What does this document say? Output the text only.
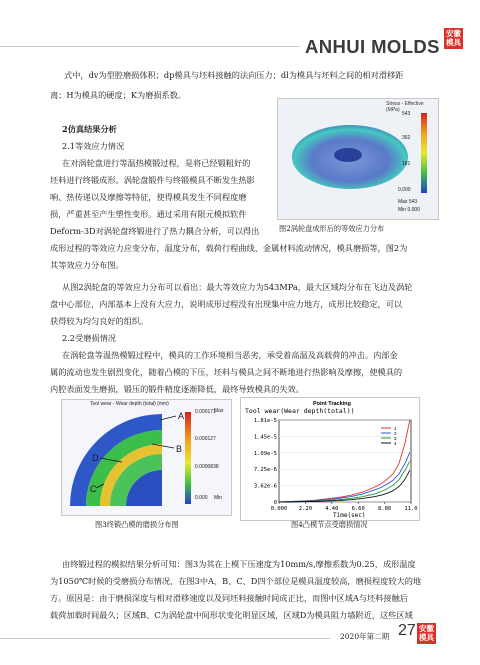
ANHUI MOLDS
安徽
模具
式中，dv为型腔磨损体积；dp模具与坯料接触的法向压力；dl为模具与坯料之间的相对滑移距
离；H为模具的硬度；K为磨损系数。
2仿真结果分析
2.1等效应力情况
在对涡轮盘进行等温热模锻过程，是将已经锻粗好的
坯料进行终锻成形。涡轮盘锻件与终锻模具不断发生热影
响、热传递以及摩擦等特征，使得模具发生不同程度磨
损，严重甚至产生塑性变形。通过采用有限元模拟软件
Deform-3D对涡轮盘终锻进行了热力耦合分析，可以得出
Stress - Effective (MPa)
543
362
181
0.000
Max 543
Min 0.000
图2涡轮盘成形后的等效应力分布
成形过程的等效应力应变分布，温度分布，载荷行程曲线、金属材料流动情况，模具磨损等，图2为
其等效应力分布图。
从图2涡轮盘的等效应力分布可以看出：最大等效应力为543MPa，最大区域均分布在飞边及涡轮
盘中心部位，内部基本上没有大应力，说明成形过程没有出现集中应力地方，成形比较稳定，可以
获得较为均匀良好的组织。
2.2受磨损情况
在涡轮盘等温热模锻过程中，模具的工作环境相当恶劣，承受着高温及高载荷的冲击。内部金
属的流动也发生剧烈变化，随着凸模的下压，坯料与模具之间不断地进行热影响及摩擦，使模具的
内腔表面发生磨损，锻压的锻件精度逐渐降低，最终导致模具的失效。
Tool wear - Wear depth (total) (mm)
0.000171
0.000127
0.0000838
0.000 Min
Max
A
B
C
D
图3终锻凸模的磨损分布图
Point Tracking
Tool wear(Wear depth(total))
Time(sec)
1.81e-5
1.45e-5
1.09e-5
7.25e-6
3.62e-6
0
0.000 2.20 4.40 6.60 8.80 11.0
1
2
3
4
图4凸模节点受磨损情况
由终锻过程的模拟结果分析可知：图3为其在上模下压速度为10mm/s,摩擦系数为0.25，成形温度
为1050℃时候的受磨损分布情况，在图3中A、B、C、D四个部位是模具温度较高，磨损程度较大的地
方。原因是：由于磨损深度与相对滑移速度以及同坯料接触时间成正比，而图中区域A与坯料接触后
载荷加载时间最久；区域B、C为涡轮盘中间形状变化明显区域，区域D为模具阻力墙附近，这些区域
2020年第二期 27 安徽
模具
